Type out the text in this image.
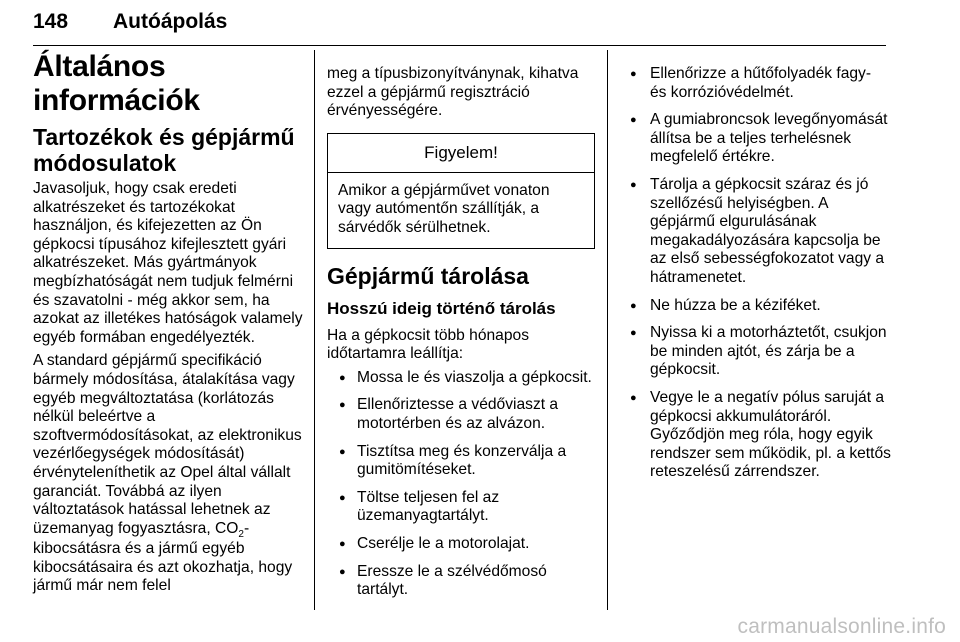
148 Autóápolás
Általános információk
Tartozékok és gépjármű módosulatok
Javasoljuk, hogy csak eredeti alkatrészeket és tartozékokat használjon, és kifejezetten az Ön gépkocsi típusához kifejlesztett gyári alkatrészeket. Más gyártmányok megbízhatóságát nem tudjuk felmérni és szavatolni - még akkor sem, ha azokat az illetékes hatóságok valamely egyéb formában engedélyezték.
A standard gépjármű specifikáció bármely módosítása, átalakítása vagy egyéb megváltoztatása (korlátozás nélkül beleértve a szoftvermódosításokat, az elektronikus vezérlőegységek módosítását) érvényteleníthetik az Opel által vállalt garanciát. Továbbá az ilyen változtatások hatással lehetnek az üzemanyag fogyasztásra, $CO_2$-kibocsátásra és a jármű egyéb kibocsátásaira és azt okozhatja, hogy jármű már nem felel
meg a típusbizonyítványnak, kihatva ezzel a gépjármű regisztráció érvényességére.
Figyelem!
Amikor a gépjárművet vonaton vagy autómentőn szállítják, a sárvédők sérülhetnek.
Gépjármű tárolása
Hosszú ideig történő tárolás
Ha a gépkocsit több hónapos időtartamra leállítja:
● Mossa le és viaszolja a gépkocsit.
● Ellenőriztesse a védőviaszt a motortérben és az alvázon.
● Tisztítsa meg és konzerválja a gumitömítéseket.
● Töltse teljesen fel az üzemanyagtartályt.
● Cserélje le a motorolajat.
● Eressze le a szélvédőmosó tartályt.
● Ellenőrizze a hűtőfolyadék fagy- és korrózióvédelmét.
● A gumiabroncsok levegőnyomását állítsa be a teljes terhelésnek megfelelő értékre.
● Tárolja a gépkocsit száraz és jó szellőzésű helyiségben. A gépjármű elgurulásának megakadályozására kapcsolja be az első sebességfokozatot vagy a hátramenetet.
● Ne húzza be a kéziféket.
● Nyissa ki a motorháztetőt, csukjon be minden ajtót, és zárja be a gépkocsit.
● Vegye le a negatív pólus saruját a gépkocsi akkumulátoráról. Győződjön meg róla, hogy egyik rendszer sem működik, pl. a kettős reteszelésű zárrendszer.
carmanualsonline.info
